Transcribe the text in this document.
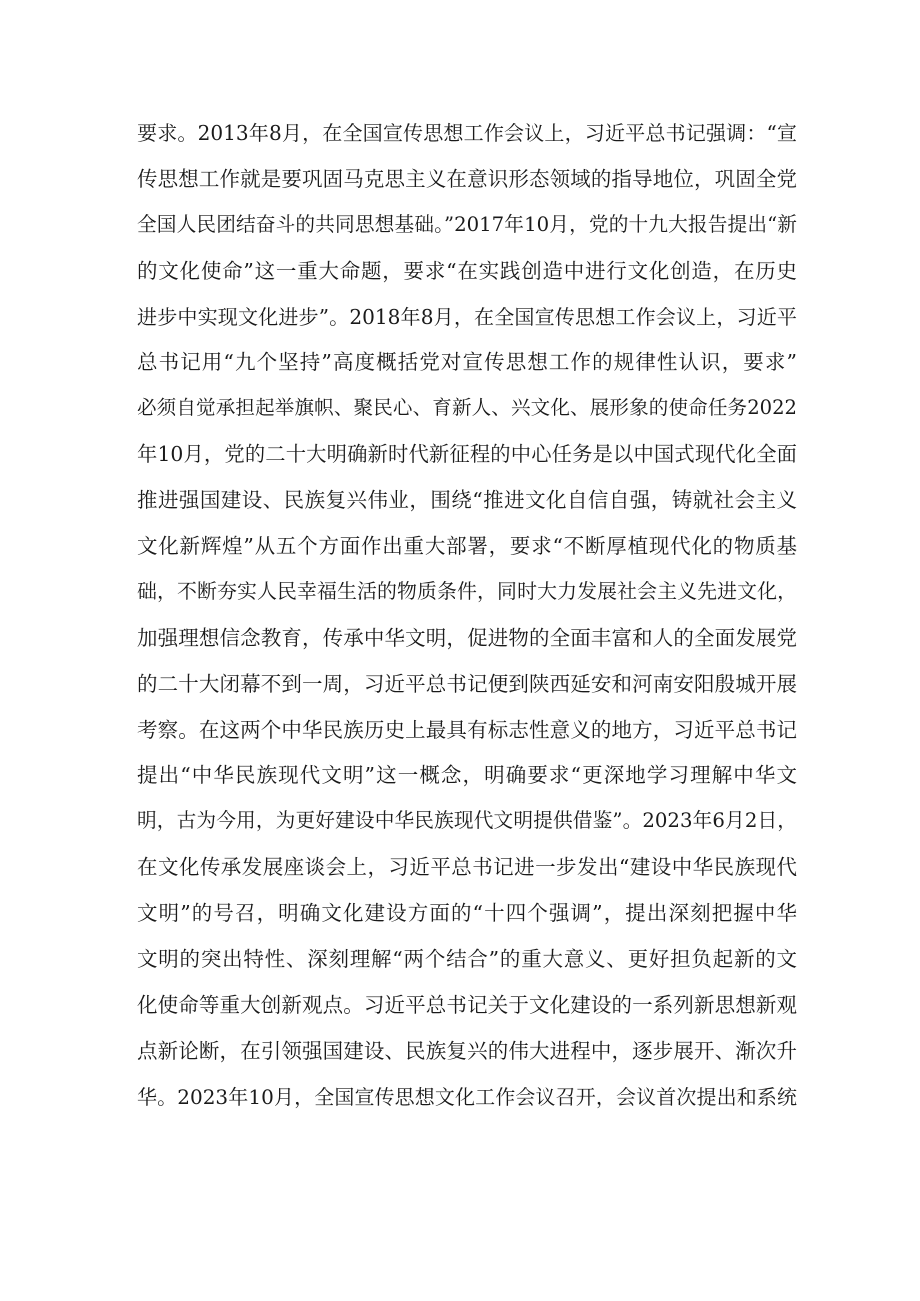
要求。2013年8月，在全国宣传思想工作会议上，习近平总书记强调：“宣
传思想工作就是要巩固马克思主义在意识形态领域的指导地位，巩固全党
全国人民团结奋斗的共同思想基础。”2017年10月，党的十九大报告提出“新
的文化使命”这一重大命题，要求“在实践创造中进行文化创造，在历史
进步中实现文化进步”。2018年8月，在全国宣传思想工作会议上，习近平
总书记用“九个坚持”高度概括党对宣传思想工作的规律性认识，要求”
必须自觉承担起举旗帜、聚民心、育新人、兴文化、展形象的使命任务2022
年10月，党的二十大明确新时代新征程的中心任务是以中国式现代化全面
推进强国建设、民族复兴伟业，围绕“推进文化自信自强，铸就社会主义
文化新辉煌”从五个方面作出重大部署，要求“不断厚植现代化的物质基
础，不断夯实人民幸福生活的物质条件，同时大力发展社会主义先进文化，
加强理想信念教育，传承中华文明，促进物的全面丰富和人的全面发展党
的二十大闭幕不到一周，习近平总书记便到陕西延安和河南安阳殷城开展
考察。在这两个中华民族历史上最具有标志性意义的地方，习近平总书记
提出“中华民族现代文明”这一概念，明确要求“更深地学习理解中华文
明，古为今用，为更好建设中华民族现代文明提供借鉴”。2023年6月2日，
在文化传承发展座谈会上，习近平总书记进一步发出“建设中华民族现代
文明”的号召，明确文化建设方面的“十四个强调”，提出深刻把握中华
文明的突出特性、深刻理解“两个结合”的重大意义、更好担负起新的文
化使命等重大创新观点。习近平总书记关于文化建设的一系列新思想新观
点新论断，在引领强国建设、民族复兴的伟大进程中，逐步展开、渐次升
华。2023年10月，全国宣传思想文化工作会议召开，会议首次提出和系统
